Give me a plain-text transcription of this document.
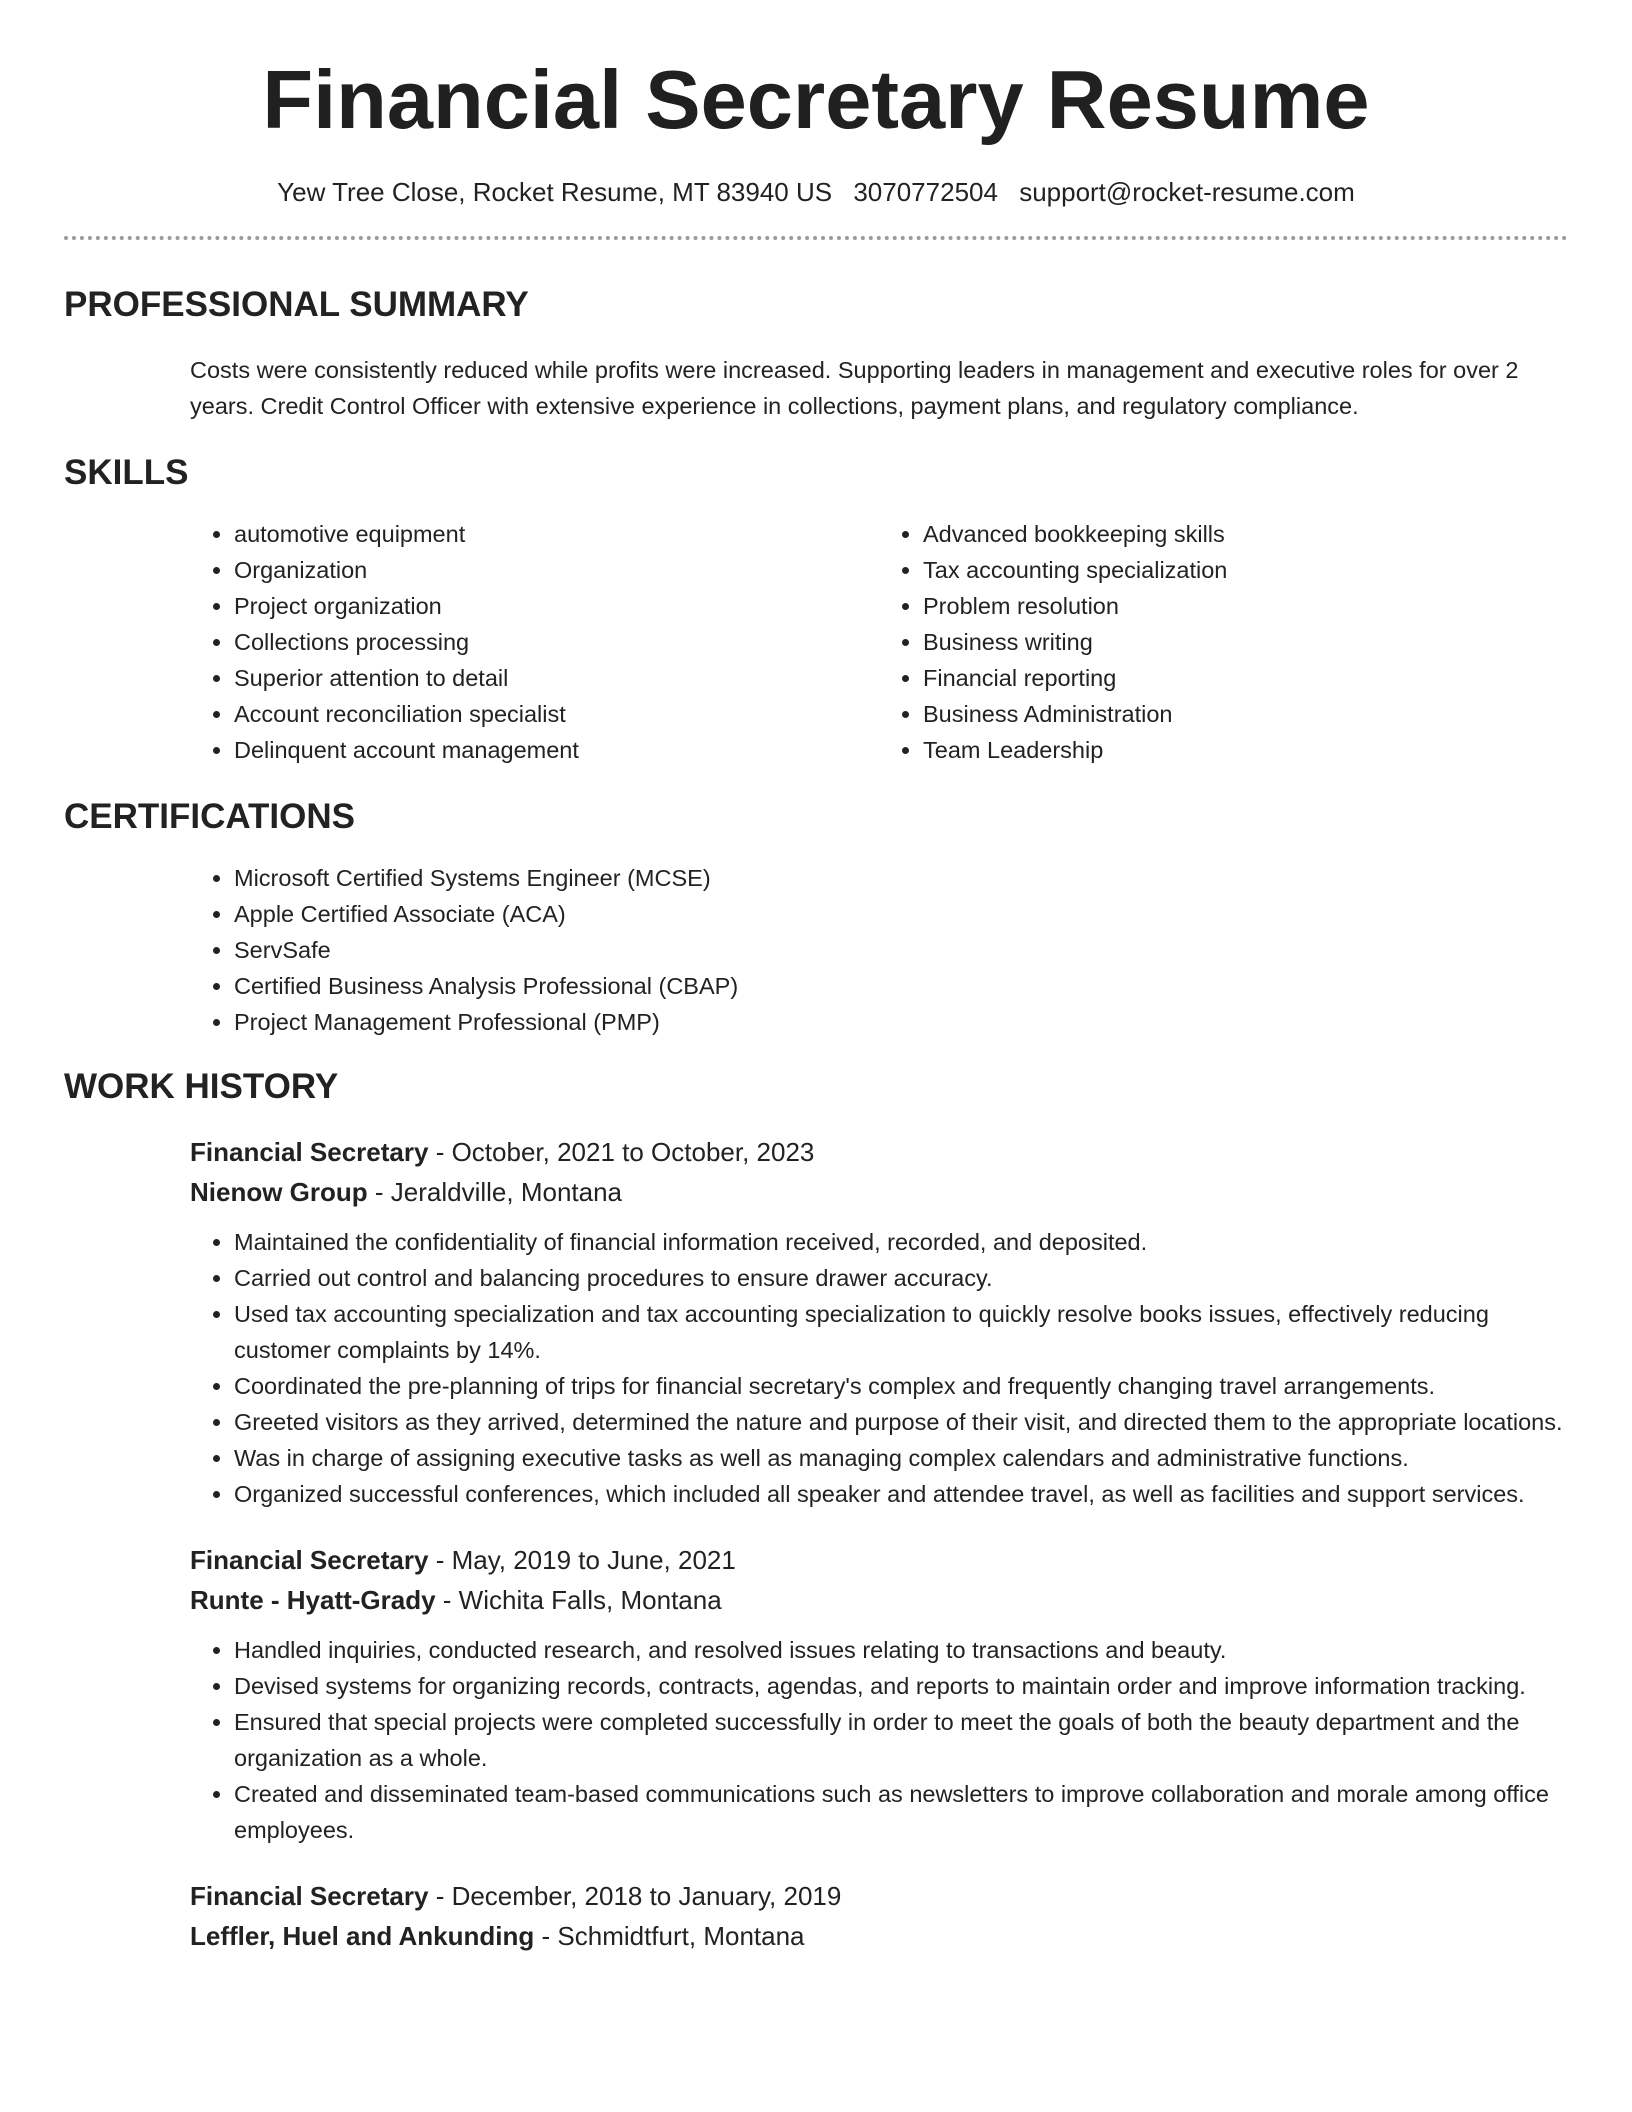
Financial Secretary Resume
Yew Tree Close, Rocket Resume, MT 83940 US 3070772504 support@rocket-resume.com
PROFESSIONAL SUMMARY
Costs were consistently reduced while profits were increased. Supporting leaders in management and executive roles for over 2 years. Credit Control Officer with extensive experience in collections, payment plans, and regulatory compliance.
SKILLS
• automotive equipment
• Organization
• Project organization
• Collections processing
• Superior attention to detail
• Account reconciliation specialist
• Delinquent account management
• Advanced bookkeeping skills
• Tax accounting specialization
• Problem resolution
• Business writing
• Financial reporting
• Business Administration
• Team Leadership
CERTIFICATIONS
• Microsoft Certified Systems Engineer (MCSE)
• Apple Certified Associate (ACA)
• ServSafe
• Certified Business Analysis Professional (CBAP)
• Project Management Professional (PMP)
WORK HISTORY
Financial Secretary - October, 2021 to October, 2023
Nienow Group - Jeraldville, Montana
• Maintained the confidentiality of financial information received, recorded, and deposited.
• Carried out control and balancing procedures to ensure drawer accuracy.
• Used tax accounting specialization and tax accounting specialization to quickly resolve books issues, effectively reducing customer complaints by 14%.
• Coordinated the pre-planning of trips for financial secretary's complex and frequently changing travel arrangements.
• Greeted visitors as they arrived, determined the nature and purpose of their visit, and directed them to the appropriate locations.
• Was in charge of assigning executive tasks as well as managing complex calendars and administrative functions.
• Organized successful conferences, which included all speaker and attendee travel, as well as facilities and support services.
Financial Secretary - May, 2019 to June, 2021
Runte - Hyatt-Grady - Wichita Falls, Montana
• Handled inquiries, conducted research, and resolved issues relating to transactions and beauty.
• Devised systems for organizing records, contracts, agendas, and reports to maintain order and improve information tracking.
• Ensured that special projects were completed successfully in order to meet the goals of both the beauty department and the organization as a whole.
• Created and disseminated team-based communications such as newsletters to improve collaboration and morale among office employees.
Financial Secretary - December, 2018 to January, 2019
Leffler, Huel and Ankunding - Schmidtfurt, Montana
